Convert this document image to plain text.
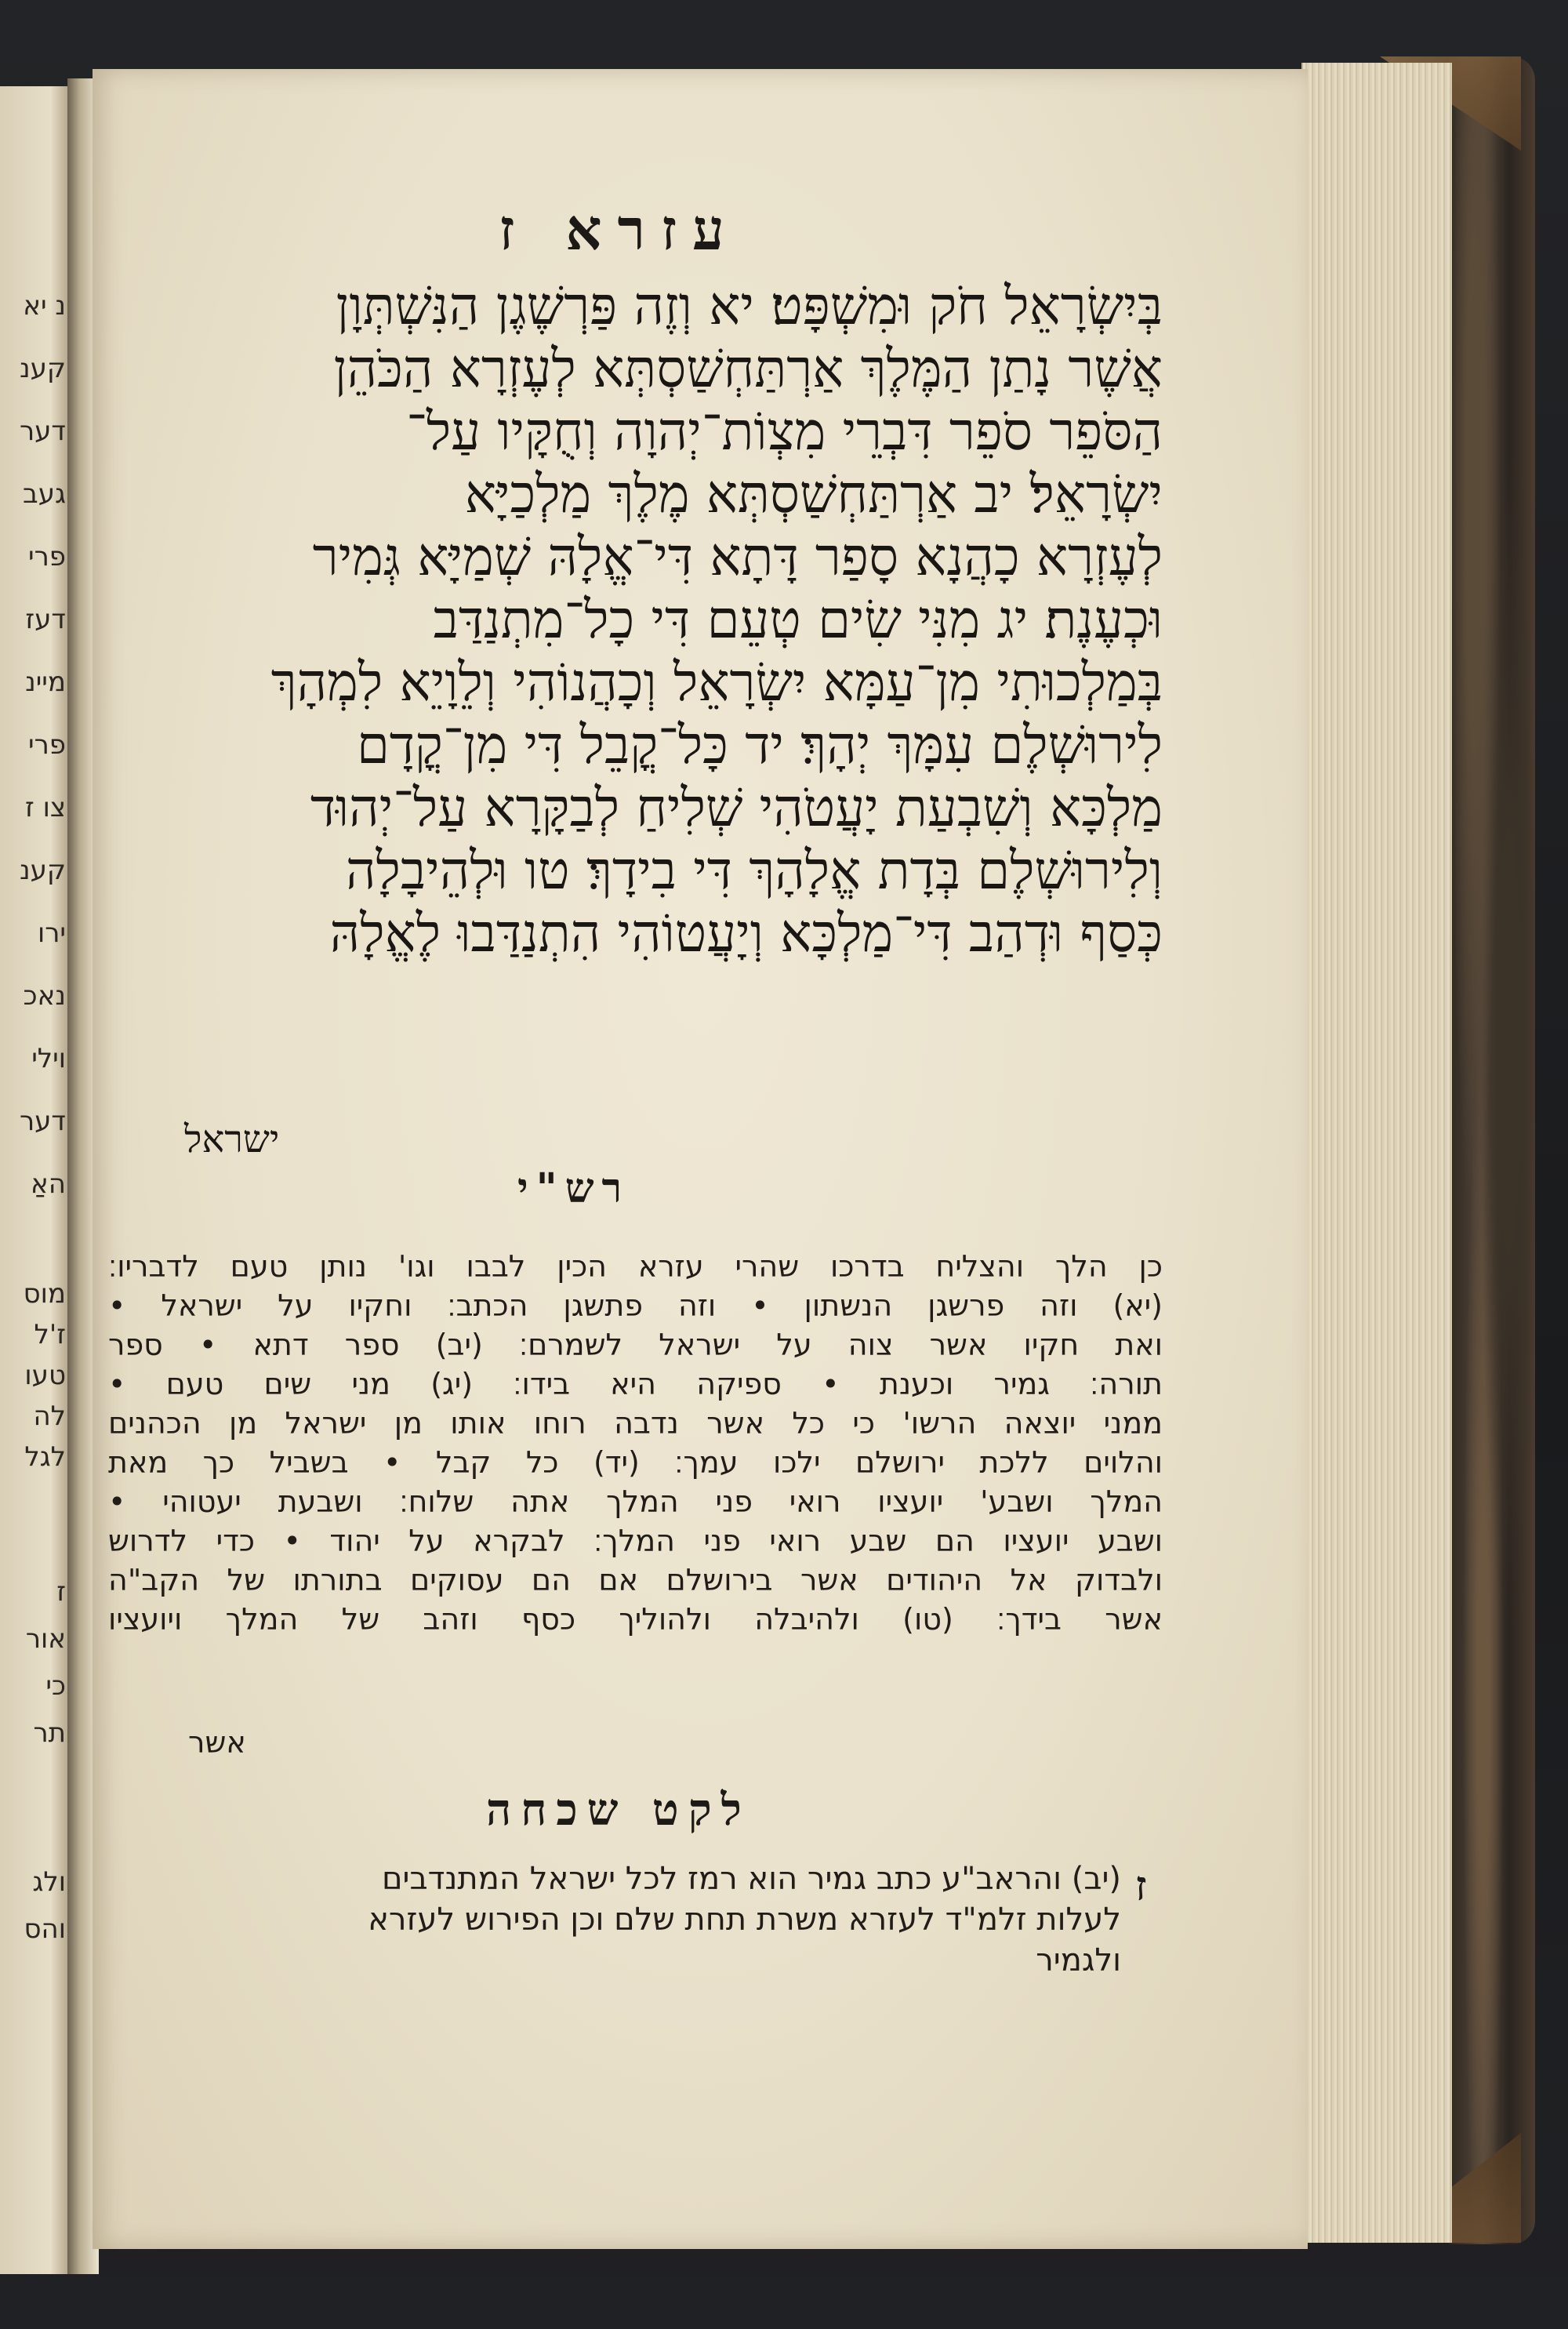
נ יא
קענ
דער
געב
פרי
דעז
מיינ
פרי
צו ז
קענ
ירו
נאכ
וילי
דער
האַ
מוס
ז'ל
טעו
לה
לגל
ז
אור
כי
תר
ולג
והס
עזרא ז
בְּיִשְׂרָאֵל חֹק וּמִשְׁפָּט׃ יא וְזֶה פַּרְשֶׁגֶן הַנִּשְׁתְּוָן
אֲשֶׁר נָתַן הַמֶּלֶךְ אַרְתַּחְשַׁסְתְּא לְעֶזְרָא הַכֹּהֵן
הַסֹּפֵר סֹפֵר דִּבְרֵי מִצְוֹת־יְהוָה וְחֻקָּיו עַל־
יִשְׂרָאֵל׃ יב אַרְתַּחְשַׁסְתְּא מֶלֶךְ מַלְכַיָּא
לְעֶזְרָא כָהֲנָא סָפַר דָּתָא דִּי־אֱלָהּ שְׁמַיָּא גְּמִיר
וּכְעֶנֶת׃ יג מִנִּי שִׂים טְעֵם דִּי כָל־מִתְנַדַּב
בְּמַלְכוּתִי מִן־עַמָּא יִשְׂרָאֵל וְכָהֲנוֹהִי וְלֵוָיֵא לִמְהָךְ
לִירוּשְׁלֶם עִמָּךְ יְהָךְ׃ יד כָּל־קֳבֵל דִּי מִן־קֳדָם
מַלְכָּא וְשִׁבְעַת יָעֲטֹהִי שְׁלִיחַ לְבַקָּרָא עַל־יְהוּד
וְלִירוּשְׁלֶם בְּדָת אֱלָהָךְ דִּי בִידָךְ׃ טו וּלְהֵיבָלָה
כְּסַף וּדְהַב דִּי־מַלְכָּא וְיָעֲטוֹהִי הִתְנַדַּבוּ לֶאֱלָהּ
ישראל
רש"י
כן הלך והצליח בדרכו שהרי עזרא הכין לבבו וגו' נותן טעם לדבריו׃
(יא) וזה פרשגן הנשתון • וזה פתשגן הכתב׃ וחקיו על ישראל •
ואת חקיו אשר צוה על ישראל לשמרם׃ (יב) ספר דתא • ספר
תורה׃ גמיר וכענת • ספיקה היא בידו׃ (יג) מני שים טעם •
ממני יוצאה הרשו' כי כל אשר נדבה רוחו אותו מן ישראל מן הכהנים
והלוים ללכת ירושלם ילכו עמך׃ (יד) כל קבל • בשביל כך מאת
המלך ושבע' יועציו רואי פני המלך אתה שלוח׃ ושבעת יעטוהי •
ושבע יועציו הם שבע רואי פני המלך׃ לבקרא על יהוד • כדי לדרוש
ולבדוק אל היהודים אשר בירושלם אם הם עסוקים בתורתו של הקב"ה
אשר בידך׃ (טו) ולהיבלה ולהוליך כסף וזהב של המלך ויועציו
אשר
לקט שכחה
ז
(יב) והראב"ע כתב גמיר הוא רמז לכל ישראל המתנדבים
לעלות זלמ"ד לעזרא משרת תחת שלם וכן הפירוש לעזרא
ולגמיר
